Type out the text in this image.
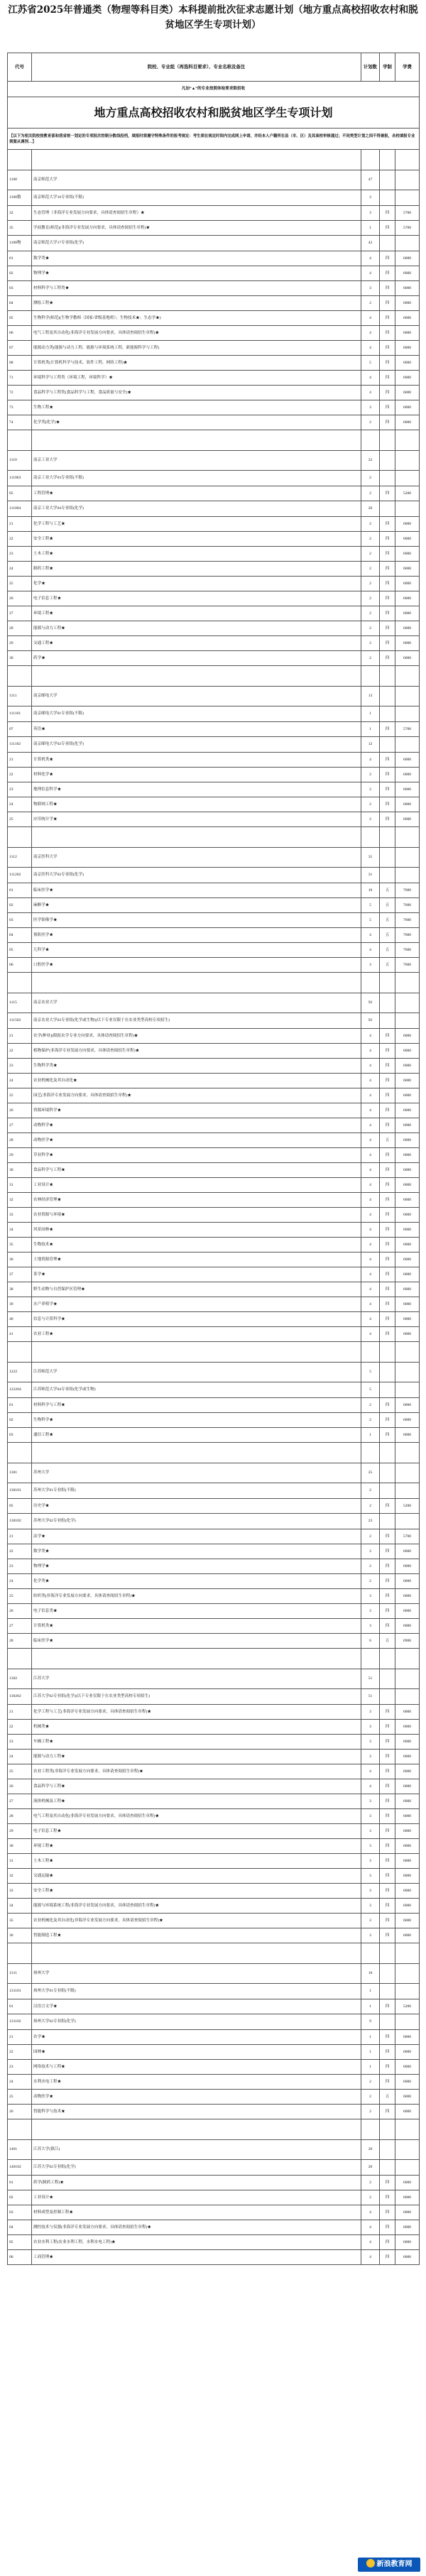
江苏省2025年普通类（物理等科目类）本科提前批次征求志愿计划（地方重点高校招收农村和脱贫地区学生专项计划）
代号	院校、专业组（再选科目要求）、专业名称及备注	计划数	学制	学费
凡加“▲”的专业按照体检要求限招收				
地方重点高校招收农村和脱贫地区学生专项计划				
【以下为相关院校按教育部和我省统一划定的专项批次控制分数线投档，填报时须遵守特殊条件的报考规定：考生须在规定时间内完成网上申请，并经本人户籍所在县（市、区）及其高校审核通过；不同类型计划之间不得兼报，各校填报专业须服从调剂…】				

1108	南京师范大学	47		
1108数	南京师范大学16专业组(不限)	3		
32	生态管理（非海洋专业发展方向要求，具体请查阅招生章程）★	3	四	5700
35	学前教育(师范)(非海洋专业发展方向要求，具体请查阅招生章程)★	1	四	5700
1108物	南京师范大学17专业组(化学)	43		
01	数学类★	4	四	6000
02	物理学★	4	四	6000
03	材料科学与工程类★	3	四	6000
04	测绘工程★	2	四	6000
05	生物科学(师范)(生物学教师（国家/省级基地班）；生物技术★；生态学★)	4	四	6000
06	电气工程及其自动化(非海洋专业发展方向要求，具体请查阅招生章程)★	4	四	6000
07	能源动力类(能源与动力工程，能源与环境系统工程，新能源科学与工程)	4	四	6000
08	计算机类(计算机科学与技术，软件工程，网络工程)★	5	四	6000
71	环境科学与工程类（环境工程，环境科学）★	4	四	6000
72	食品科学与工程类(食品科学与工程，食品质量与安全)★	4	四	6000
73	生物工程★	3	四	6000
74	化学类(化学)★	2	四	6000

1110	南京工业大学	22		
111003	南京工业大学03专业组(不限)	2		
05	工程管理★	2	四	5200
111004	南京工业大学04专业组(化学)	20		
21	化学工程与工艺★	2	四	6000
22	安全工程★	2	四	6000
23	土木工程★	2	四	6000
24	制药工程★	2	四	6000
25	化学★	2	四	6000
26	电子信息工程★	2	四	6000
27	环境工程★	2	四	6000
28	能源与动力工程★	2	四	6000
29	交通工程★	2	四	6000
30	药学★	2	四	6000

1111	南京邮电大学	13		
111101	南京邮电大学01专业组(不限)	1		
07	英语★	1	四	5700
111102	南京邮电大学02专业组(化学)	12		
21	计算机类★	4	四	6000
22	材料化学★	2	四	6000
23	地理信息科学★	2	四	6000
24	物联网工程★	2	四	6000
25	应用统计学★	2	四	6000

1112	南京医科大学	31		
111202	南京医科大学02专业组(化学)	31		
01	临床医学★	10	五	7600
02	麻醉学★	5	五	7600
03	医学影像学★	5	五	7600
04	预防医学★	4	五	7600
05	儿科学★	4	五	7600
06	口腔医学★	3	五	7600

1115	南京农业大学	92		
111502	南京农业大学02专业组(化学或生物)(以下专业仅限于在农业类型高校专项招生)	92		
21	农学(种业)(限报农学专业方向要求，具体请查阅招生章程)★	4	四	6000
22	植物保护(非海洋专业发展方向要求，具体请查阅招生章程)★	4	四	6000
23	生物科学类★	4	四	6000
24	农业机械化及其自动化★	4	四	6000
25	园艺(非海洋专业发展方向要求，具体请查阅招生章程)★	4	四	6000
26	资源环境科学★	4	四	6000
27	动物科学★	4	四	6000
28	动物医学★	4	五	6000
29	草业科学★	4	四	6000
30	食品科学与工程★	4	四	6000
31	工业设计★	4	四	6000
32	农林经济管理★	4	四	6000
33	农业资源与环境★	4	四	6000
34	风景园林★	4	四	6000
35	生物技术★	4	四	6000
36	土地资源管理★	4	四	6000
37	茶学★	4	四	6000
38	野生动物与自然保护区管理★	4	四	6000
39	水产养殖学★	4	四	6000
40	信息与计算科学★	4	四	6000
41	农业工程★	4	四	6000

1222	江苏师范大学	5		
122204	江苏师范大学04专业组(化学或生物)	5		
01	材料科学与工程★	2	四	6000
02	生物科学★	2	四	6000
03	通信工程★	1	四	6000

1301	苏州大学	25		
130101	苏州大学01专业组(不限)	2		
05	历史学★	2	四	5200
130102	苏州大学02专业组(化学)	23		
21	法学★	2	四	5700
22	数学类★	2	四	6000
23	物理学★	2	四	6000
24	化学类★	2	四	6000
25	纺织类(非海洋专业发展方向要求，具体请查阅招生章程)★	3	四	6000
26	电子信息类★	3	四	6000
27	计算机类★	3	四	6000
28	临床医学★	6	五	6900

1302	江苏大学	51		
130202	江苏大学02专业组(化学)(以下专业仅限于在农业类型高校专项招生)	51		
21	化学工程与工艺(非海洋专业发展方向要求，具体请查阅招生章程)★	3	四	6000
22	机械类★	3	四	6000
23	车辆工程★	3	四	6000
24	能源与动力工程★	3	四	6000
25	农业工程类(非海洋专业发展方向要求，具体请查阅招生章程)★	4	四	6000
26	食品科学与工程★	4	四	6000
27	流体机械及工程★	3	四	6000
28	电气工程及其自动化(非海洋专业发展方向要求，具体请查阅招生章程)★	3	四	6000
29	电子信息工程★	3	四	6000
30	环境工程★	3	四	6000
31	土木工程★	3	四	6000
32	交通运输★	3	四	6000
33	安全工程★	3	四	6000
34	能源与环境系统工程(非海洋专业发展方向要求，具体请查阅招生章程)★	3	四	6000
35	农业机械化及其自动化(非海洋专业发展方向要求，具体请查阅招生章程)★	3	四	6000
36	智能制造工程★	3	四	6000

1311	扬州大学	10		
131101	扬州大学01专业组(不限)	1		
01	汉语言文学★	1	四	5200
131102	扬州大学02专业组(化学)	9		
21	农学★	1	四	6000
22	园林★	1	四	6000
23	网络技术与工程★	1	四	6000
24	水利水电工程★	2	四	6000
25	动物医学★	2	五	6000
26	智能科学与技术★	2	四	6000

1401	江苏大学(镇江)	20		
140102	江苏大学02专业组(化学)	20		
01	药学(制药工程)★	2	四	6000
02	工业设计★	2	四	6000
03	材料成型及控制工程★	4	四	6000
04	测控技术与仪器(非海洋专业发展方向要求，具体请查阅招生章程)★	4	四	6000
05	农业水利工程(农业水利工程，水利水电工程)★	4	四	6000
06	工商管理★	4	四	6000
新浪教育网
